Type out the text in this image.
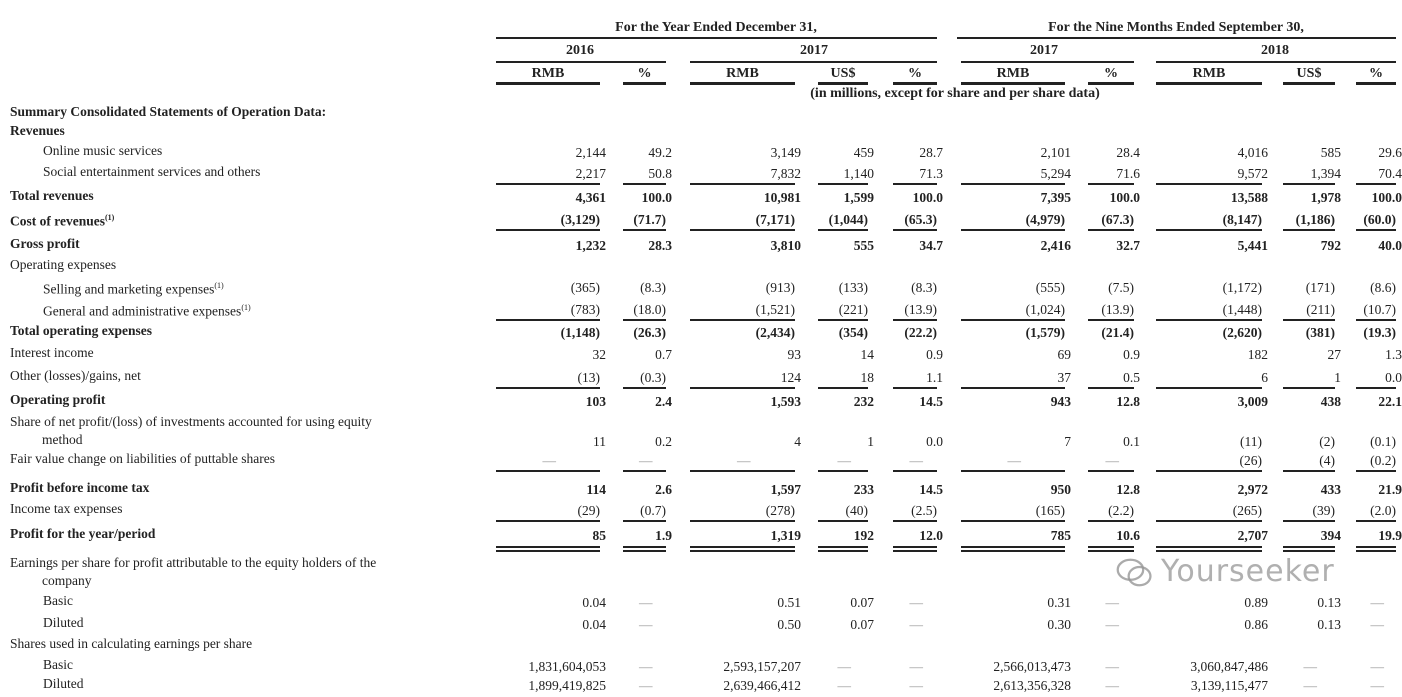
For the Year Ended December 31,	For the Nine Months Ended September 30,
2016	2017	2017	2018
(in millions, except for share and per share data)
RMB	%	RMB	US$	%	RMB	%	RMB	US$	%
Summary Consolidated Statements of Operation Data:
Revenues
Online music services	2,144	49.2	3,149	459	28.7	2,101	28.4	4,016	585	29.6
Social entertainment services and others	2,217	50.8	7,832	1,140	71.3	5,294	71.6	9,572	1,394	70.4
Total revenues	4,361	100.0	10,981	1,599	100.0	7,395	100.0	13,588	1,978 100.0
Cost of revenues$^{(1)}$	(3,129) (71.7)	(7,171) (1,044)	(65.3)	(4,979)	(67.3)	(8,147) (1,186) (60.0)
Gross profit	1,232	28.3	3,810	555	34.7	2,416	32.7	5,441	792	40.0
Operating expenses
Selling and marketing expenses$^{(1)}$	(365)	(8.3)	(913)	(133)	(8.3)	(555)	(7.5)	(1,172)	(171)	(8.6)
General and administrative expenses$^{(1)}$	(783) (18.0)	(1,521)	(221)	(13.9)	(1,024)	(13.9)	(1,448)	(211) (10.7)
Total operating expenses	(1,148) (26.3)	(2,434)	(354)	(22.2)	(1,579)	(21.4)	(2,620)	(381) (19.3)
Interest income	32	0.7	93	14	0.9	69	0.9	182	27	1.3
Other (losses)/gains, net	(13)	(0.3)	124	18	1.1	37	0.5	6	1	0.0
Operating profit	103	2.4	1,593	232	14.5	943	12.8	3,009	438	22.1
Share of net profit/(loss) of investments accounted for using equity
method	11	0.2	4	1	0.0	7	0.1	(11)	(2)	(0.1)
Fair value change on liabilities of puttable shares	—	—	—	—	—	—	—	(26)	(4)	(0.2)
Profit before income tax	114	2.6	1,597	233	14.5	950	12.8	2,972	433	21.9
Income tax expenses	(29)	(0.7)	(278)	(40)	(2.5)	(165)	(2.2)	(265)	(39)	(2.0)
Profit for the year/period	85	1.9	1,319	192	12.0	785	10.6	2,707	394	19.9
Earnings per share for profit attributable to the equity holders of the
company
Basic	0.04 —	0.51	0.07	—	0.31	—	0.89	0.13 —
Diluted	0.04 —	0.50	0.07	—	0.30	—	0.86	0.13 —
Shares used in calculating earnings per share
Basic	1,831,604,053 —	2,593,157,207	—	—	2,566,013,473	—	3,060,847,486	—	—
Diluted	1,899,419,825 —	2,639,466,412	—	—	2,613,356,328	—	3,139,115,477	—	—
Yourseeker
